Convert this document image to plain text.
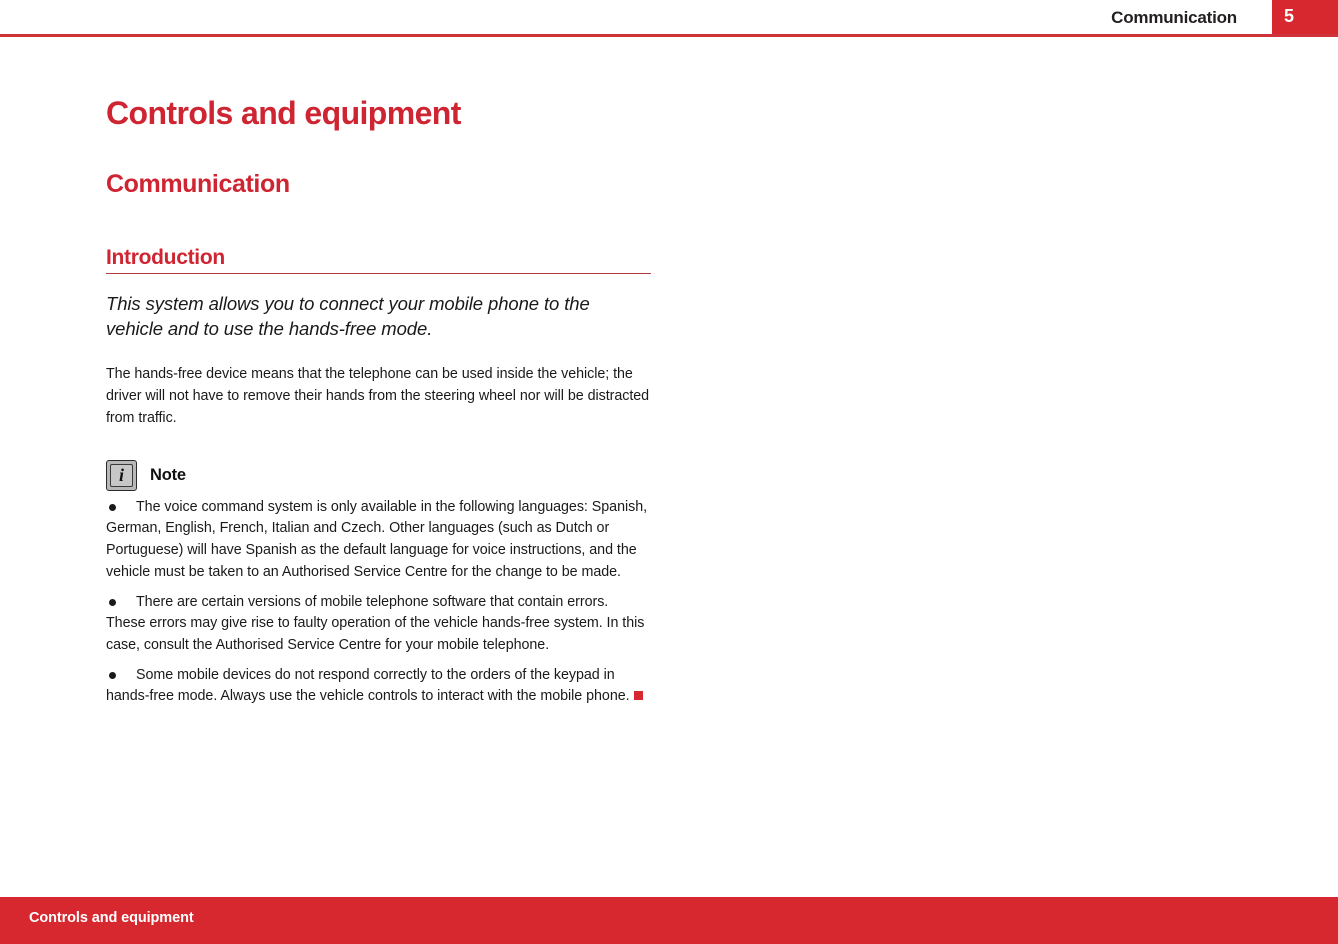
Communication	5
Controls and equipment
Communication
Introduction

This system allows you to connect your mobile phone to the vehicle and to use the hands-free mode.

The hands-free device means that the telephone can be used inside the vehicle; the driver will not have to remove their hands from the steering wheel nor will be distracted from traffic.

i Note
The voice command system is only available in the following languages: Spanish, German, English, French, Italian and Czech. Other languages (such as Dutch or Portuguese) will have Spanish as the default language for voice instructions, and the vehicle must be taken to an Authorised Service Centre for the change to be made.
There are certain versions of mobile telephone software that contain errors. These errors may give rise to faulty operation of the vehicle hands-free system. In this case, consult the Authorised Service Centre for your mobile telephone.
Some mobile devices do not respond correctly to the orders of the keypad in hands-free mode. Always use the vehicle controls to interact with the mobile phone.
Controls and equipment
